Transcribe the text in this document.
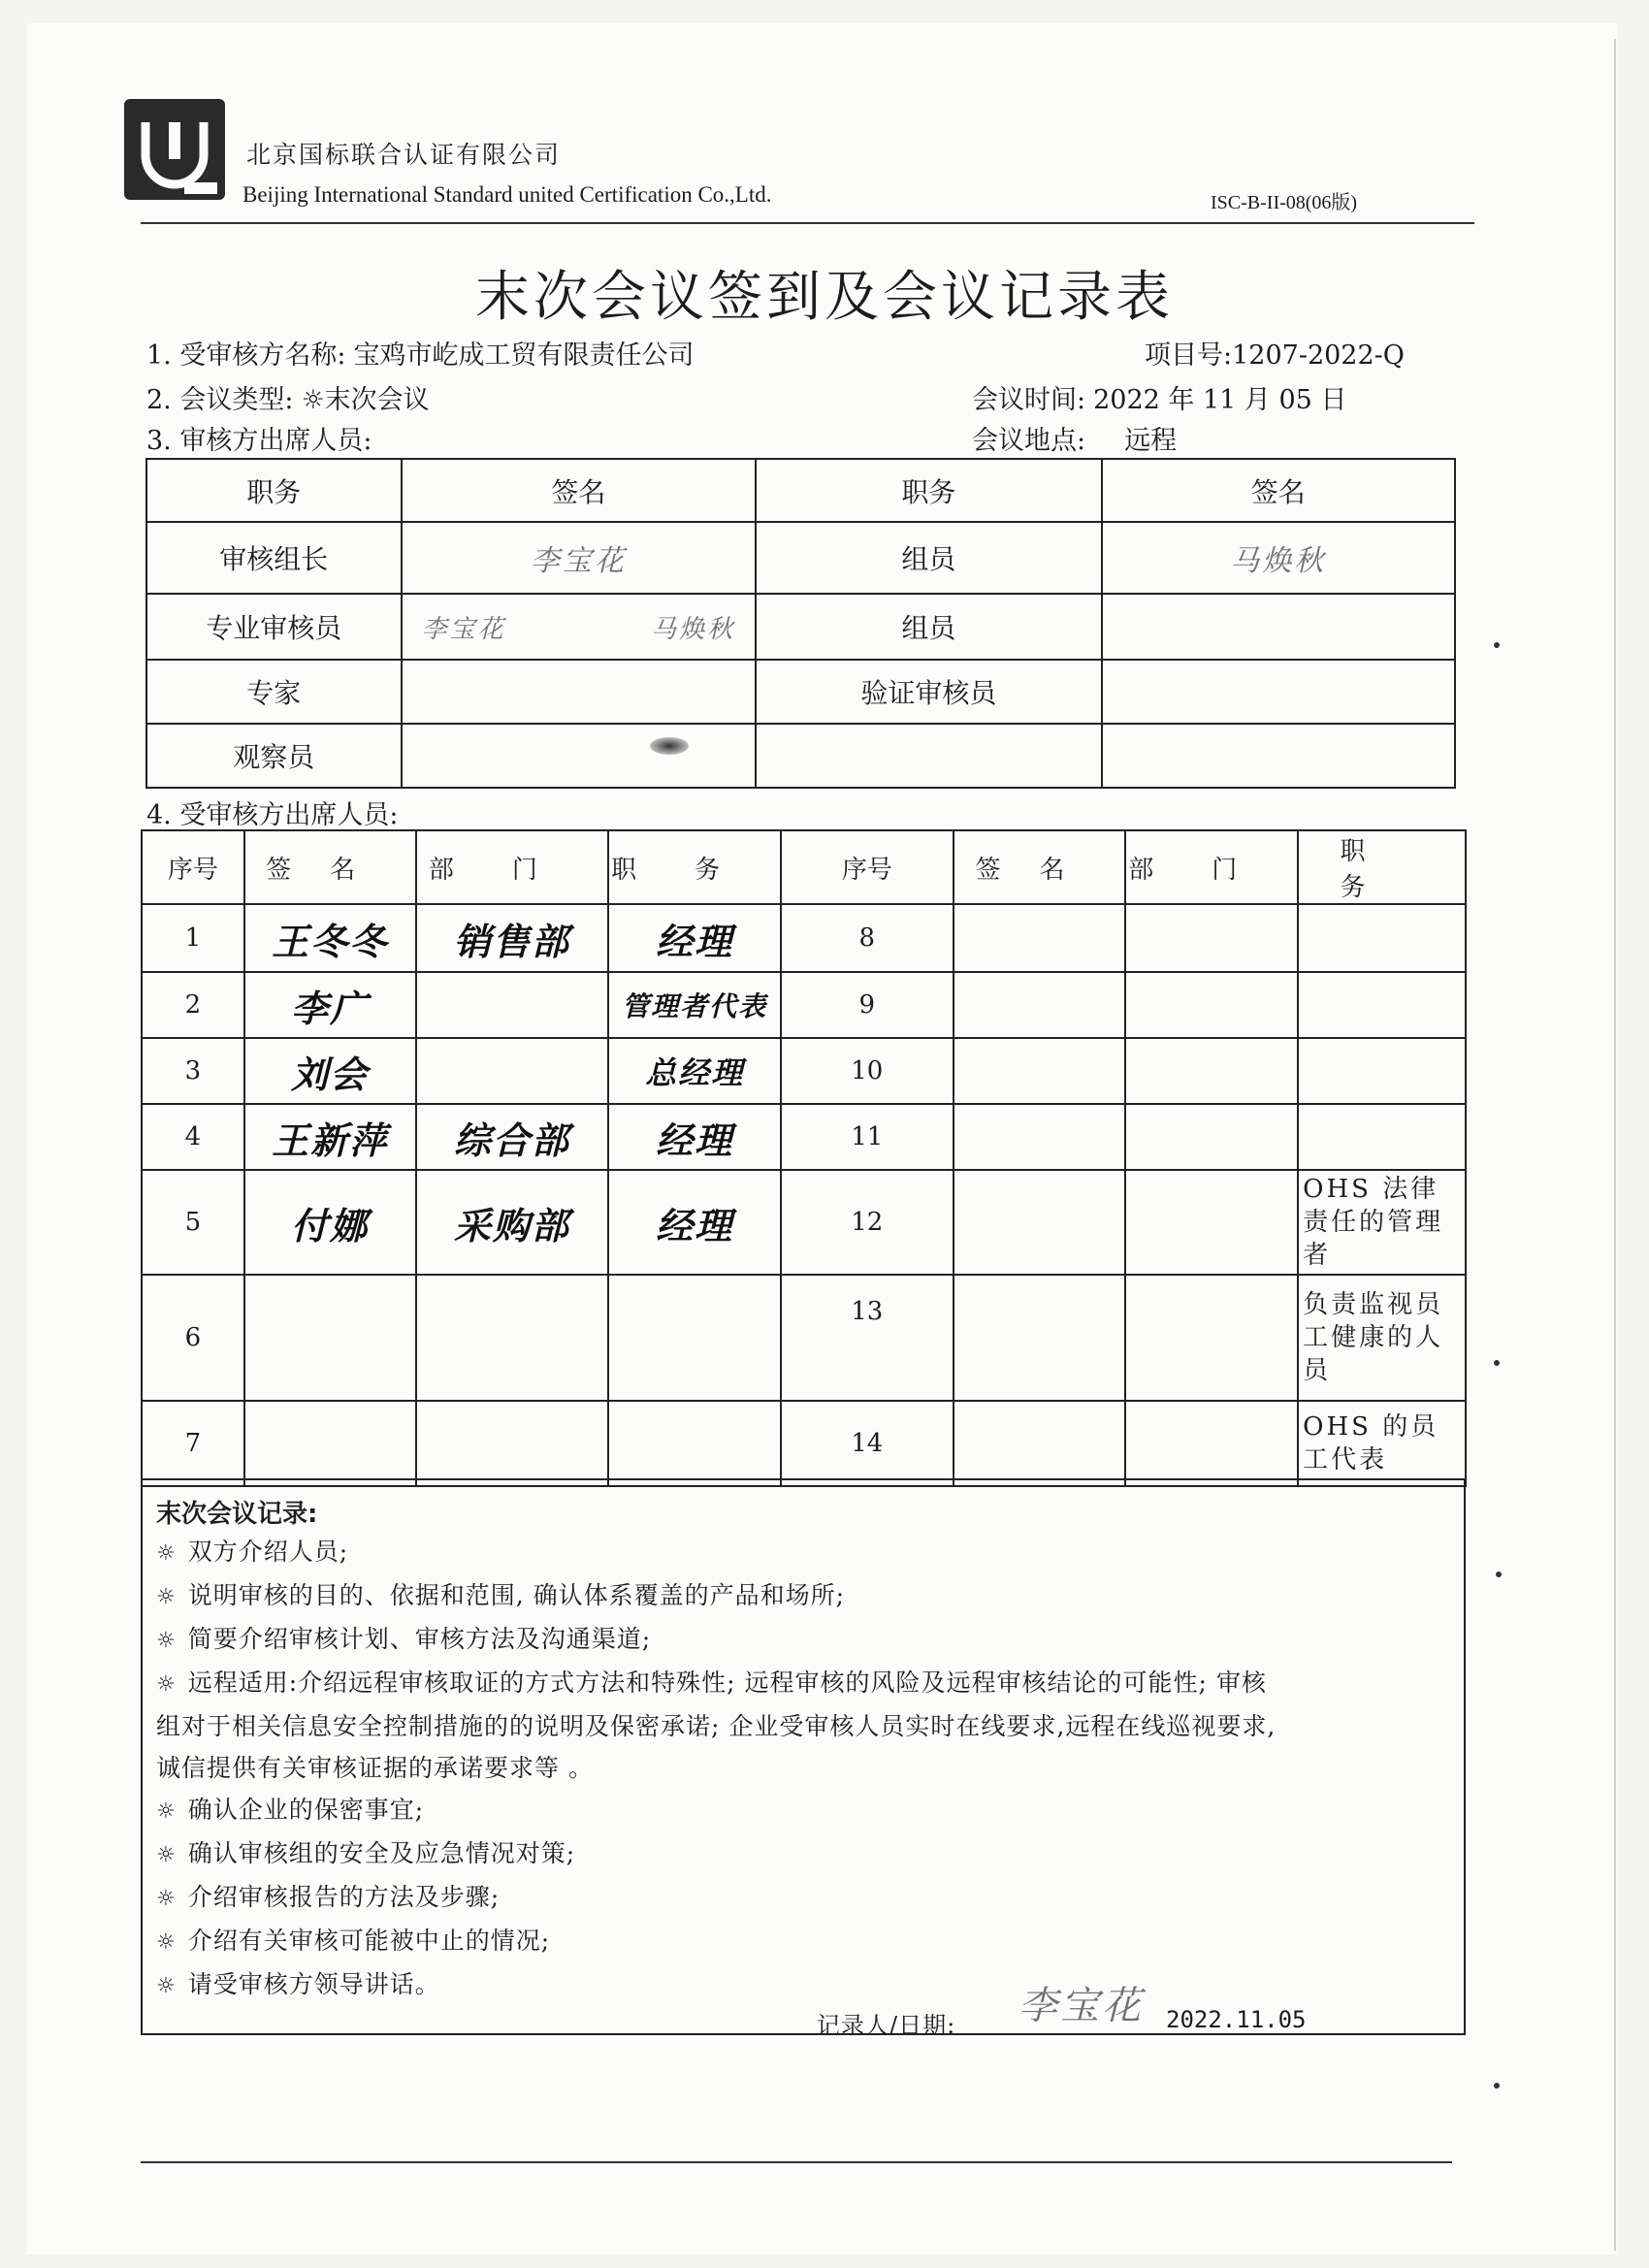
北京国标联合认证有限公司
Beijing International Standard united Certification Co.,Ltd.	ISC-B-II-08(06版)
末次会议签到及会议记录表
1. 受审核方名称: 宝鸡市屹成工贸有限责任公司	项目号:1207-2022-Q
2. 会议类型: ☼末次会议	会议时间: 2022 年 11 月 05 日
3. 审核方出席人员:	会议地点: 远程
职务	签名	职务	签名
审核组长	李宝花	组员	马焕秋
专业审核员	李宝花 马焕秋	组员	
专家		验证审核员	
观察员			
4. 受审核方出席人员:
序号	签名	部门	职务	序号	签名	部门	职务
1	王冬冬	销售部	经理	8			
2	李广		管理者代表	9			
3	刘会		总经理	10			
4	王新萍	综合部	经理	11			
5	付娜	采购部	经理	12			OHS 法律责任的管理者
6				13			负责监视员工健康的人员
7				14			OHS 的员工代表
末次会议记录:
☼ 双方介绍人员;
☼ 说明审核的目的、依据和范围, 确认体系覆盖的产品和场所;
☼ 简要介绍审核计划、审核方法及沟通渠道;
☼ 远程适用:介绍远程审核取证的方式方法和特殊性; 远程审核的风险及远程审核结论的可能性; 审核
组对于相关信息安全控制措施的的说明及保密承诺; 企业受审核人员实时在线要求,远程在线巡视要求,
诚信提供有关审核证据的承诺要求等 。
☼ 确认企业的保密事宜;
☼ 确认审核组的安全及应急情况对策;
☼ 介绍审核报告的方法及步骤;
☼ 介绍有关审核可能被中止的情况;
☼ 请受审核方领导讲话。
记录人/日期: 李宝花 2022.11.05
